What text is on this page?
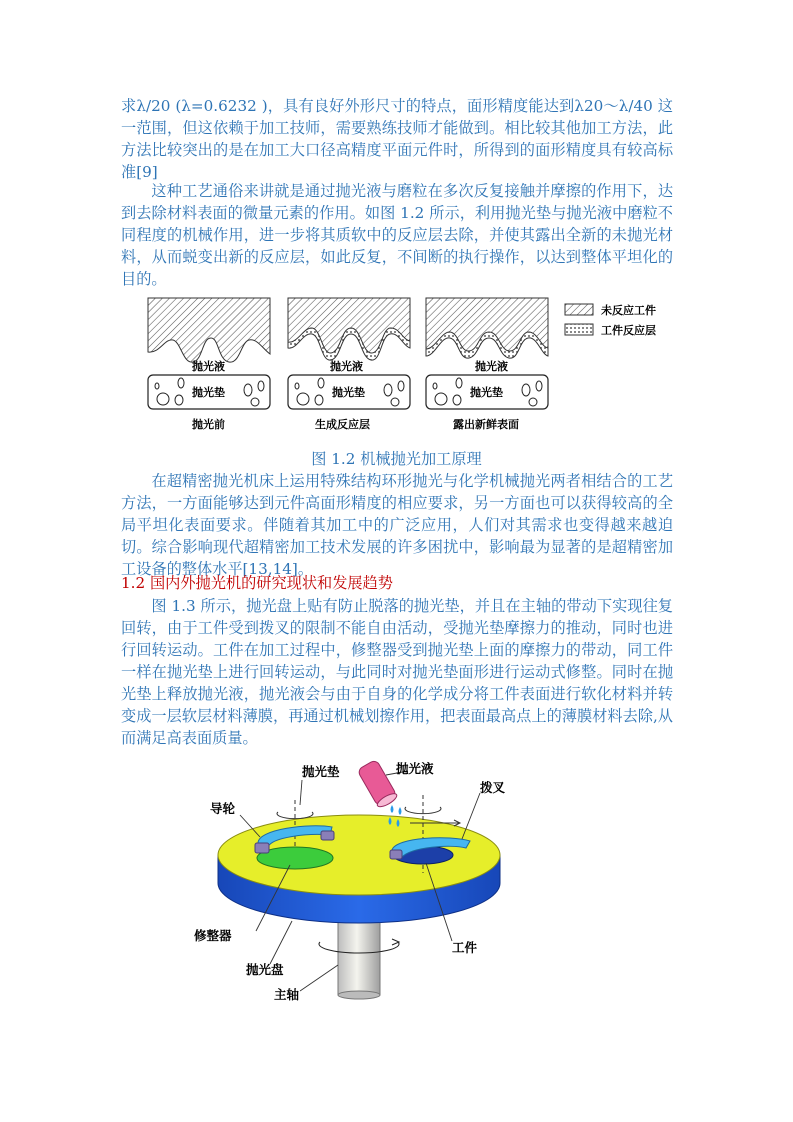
求λ/20 (λ=0.6232 )，具有良好外形尺寸的特点，面形精度能达到λ20～λ/40 这一范围，但这依赖于加工技师，需要熟练技师才能做到。相比较其他加工方法，此方法比较突出的是在加工大口径高精度平面元件时，所得到的面形精度具有较高标准[9]

这种工艺通俗来讲就是通过抛光液与磨粒在多次反复接触并摩擦的作用下，达到去除材料表面的微量元素的作用。如图 1.2 所示，利用抛光垫与抛光液中磨粒不同程度的机械作用，进一步将其质软中的反应层去除，并使其露出全新的未抛光材料，从而蜕变出新的反应层，如此反复，不间断的执行操作，以达到整体平坦化的目的。

抛光液
抛光垫
抛光前
抛光液
抛光垫
生成反应层
抛光液
抛光垫
露出新鲜表面
未反应工件
工件反应层
图 1.2 机械抛光加工原理

在超精密抛光机床上运用特殊结构环形抛光与化学机械抛光两者相结合的工艺方法，一方面能够达到元件高面形精度的相应要求，另一方面也可以获得较高的全局平坦化表面要求。伴随着其加工中的广泛应用，人们对其需求也变得越来越迫切。综合影响现代超精密加工技术发展的许多困扰中，影响最为显著的是超精密加工设备的整体水平[13,14]。

1.2 国内外抛光机的研究现状和发展趋势

图 1.3 所示，抛光盘上贴有防止脱落的抛光垫，并且在主轴的带动下实现往复回转，由于工件受到拨叉的限制不能自由活动，受抛光垫摩擦力的推动，同时也进行回转运动。工件在加工过程中，修整器受到抛光垫上面的摩擦力的带动，同工件一样在抛光垫上进行回转运动，与此同时对抛光垫面形进行运动式修整。同时在抛光垫上释放抛光液，抛光液会与由于自身的化学成分将工件表面进行软化材料并转变成一层软层材料薄膜，再通过机械划擦作用，把表面最高点上的薄膜材料去除,从而满足高表面质量。

抛光垫	抛光液
导轮
拨叉
修整器
工件
抛光盘
主轴
